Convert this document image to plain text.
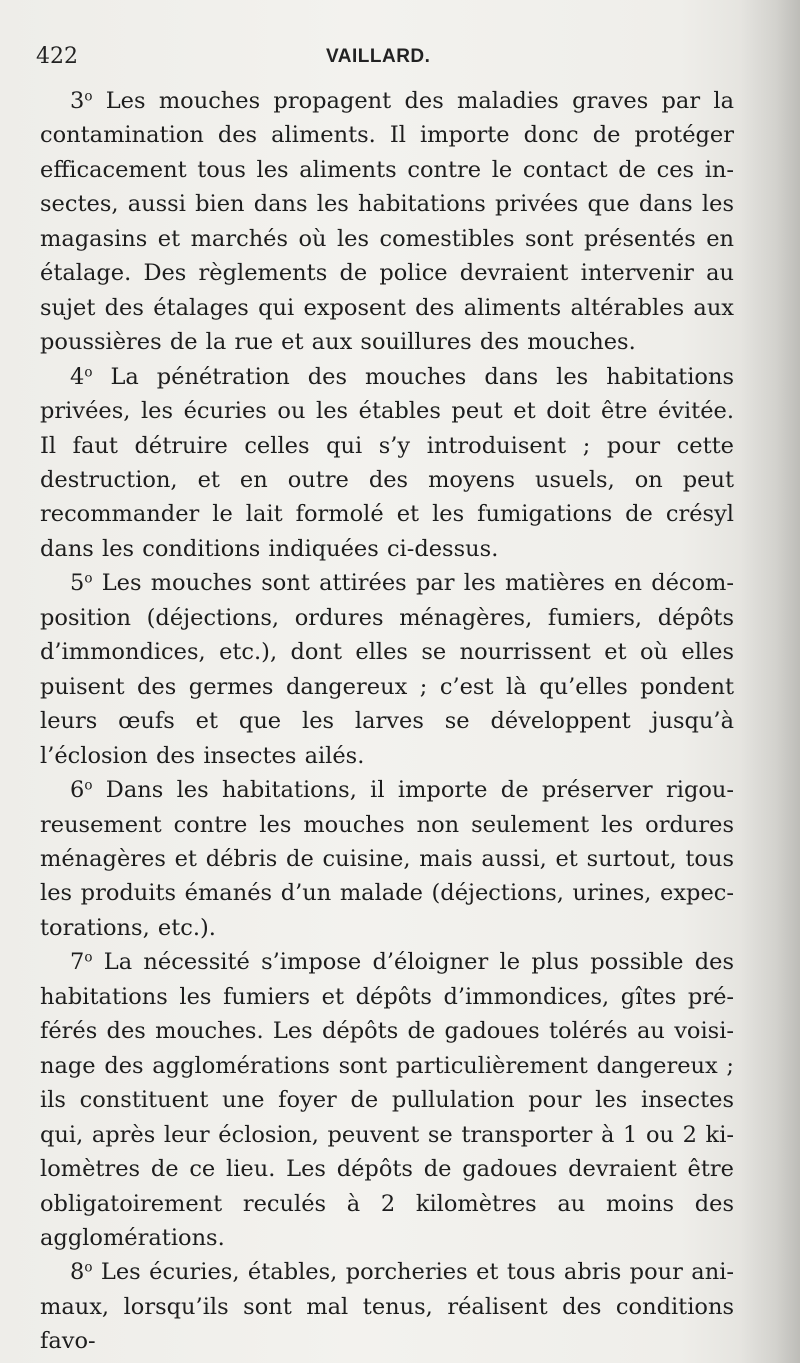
422	VAILLARD.

3$^o$ Les mouches propagent des maladies graves par la contamination des aliments. Il importe donc de protéger efficacement tous les aliments contre le contact de ces insectes, aussi bien dans les habitations privées que dans les magasins et marchés où les comestibles sont présentés en étalage. Des règlements de police devraient intervenir au sujet des étalages qui exposent des aliments altérables aux poussières de la rue et aux souillures des mouches.

4$^o$ La pénétration des mouches dans les habitations privées, les écuries ou les étables peut et doit être évitée. Il faut détruire celles qui s’y introduisent ; pour cette destruction, et en outre des moyens usuels, on peut recommander le lait formolé et les fumigations de crésyl dans les conditions indiquées ci-dessus.

5$^o$ Les mouches sont attirées par les matières en décomposition (déjections, ordures ménagères, fumiers, dépôts d’immondices, etc.), dont elles se nourrissent et où elles puisent des germes dangereux ; c’est là qu’elles pondent leurs œufs et que les larves se développent jusqu’à l’éclosion des insectes ailés.

6$^o$ Dans les habitations, il importe de préserver rigoureusement contre les mouches non seulement les ordures ménagères et débris de cuisine, mais aussi, et surtout, tous les produits émanés d’un malade (déjections, urines, expectorations, etc.).

7$^o$ La nécessité s’impose d’éloigner le plus possible des habitations les fumiers et dépôts d’immondices, gîtes préférés des mouches. Les dépôts de gadoues tolérés au voisinage des agglomérations sont particulièrement dangereux ; ils constituent une foyer de pullulation pour les insectes qui, après leur éclosion, peuvent se transporter à 1 ou 2 kilomètres de ce lieu. Les dépôts de gadoues devraient être obligatoirement reculés à 2 kilomètres au moins des agglomérations.

8$^o$ Les écuries, étables, porcheries et tous abris pour animaux, lorsqu’ils sont mal tenus, réalisent des conditions favo-
